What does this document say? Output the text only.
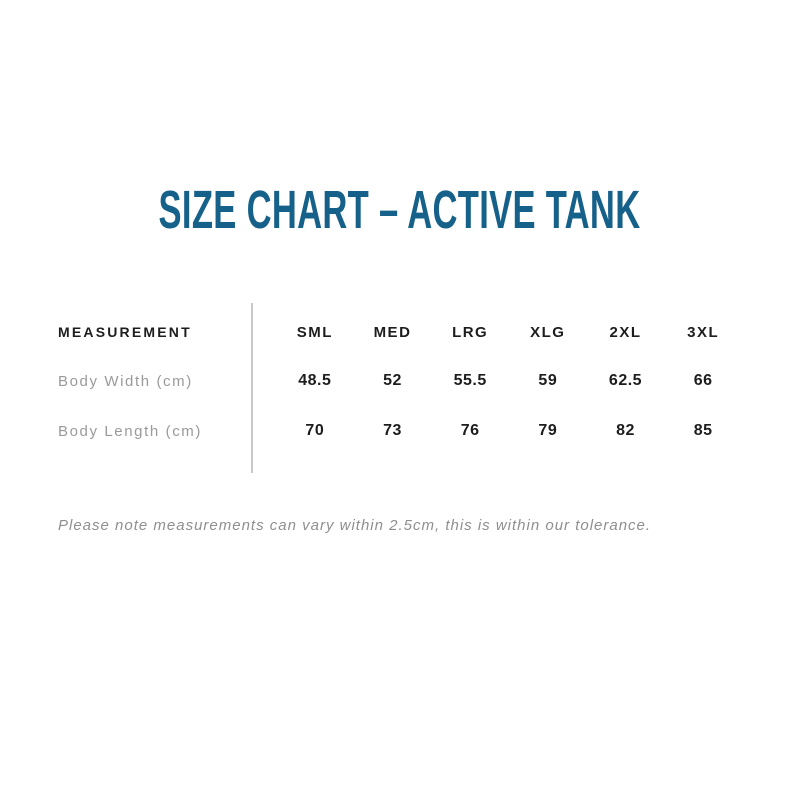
SIZE CHART – ACTIVE TANK
MEASUREMENT	SML	MED	LRG	XLG	2XL	3XL
Body Width (cm)	48.5	52	55.5	59	62.5	66
Body Length (cm)	70	73	76	79	82	85
Please note measurements can vary within 2.5cm, this is within our tolerance.
